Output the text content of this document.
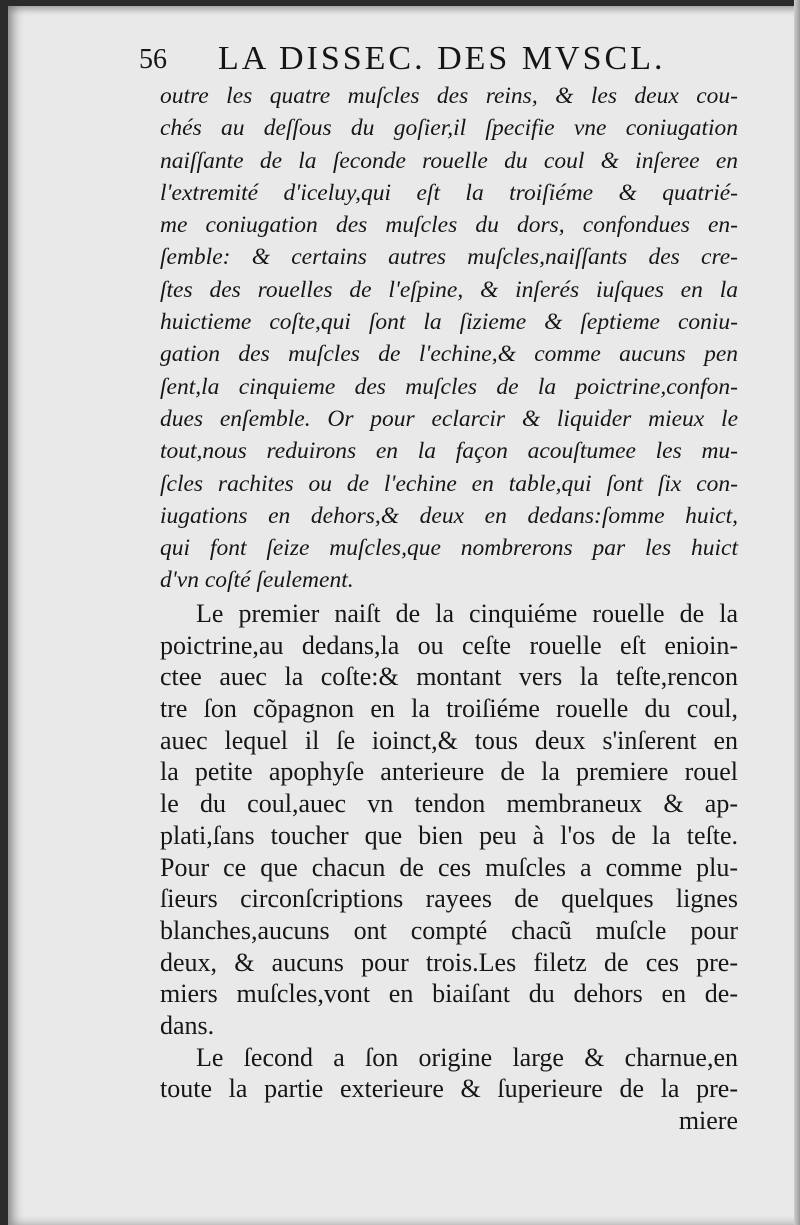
56 LA DISSEC. DES MVSCL.
outre les quatre muſcles des reins, & les deux cou-
chés au deſſous du goſier,il ſpecifie vne coniugation
naiſſante de la ſeconde rouelle du coul & inſeree en
l'extremité d'iceluy,qui eſt la troiſiéme & quatrié-
me coniugation des muſcles du dors, confondues en-
ſemble: & certains autres muſcles,naiſſants des cre-
ſtes des rouelles de l'eſpine, & inſerés iuſques en la
huictieme coſte,qui ſont la ſizieme & ſeptieme coniu-
gation des muſcles de l'echine,& comme aucuns pen
ſent,la cinquieme des muſcles de la poictrine,confon-
dues enſemble. Or pour eclarcir & liquider mieux le
tout,nous reduirons en la façon acouſtumee les mu-
ſcles rachites ou de l'echine en table,qui ſont ſix con-
iugations en dehors,& deux en dedans:ſomme huict,
qui font ſeize muſcles,que nombrerons par les huict
d'vn coſté ſeulement.
Le premier naiſt de la cinquiéme rouelle de la
poictrine,au dedans,la ou ceſte rouelle eſt enioin-
ctee auec la coſte:& montant vers la teſte,rencon
tre ſon cõpagnon en la troiſiéme rouelle du coul,
auec lequel il ſe ioinct,& tous deux s'inſerent en
la petite apophyſe anterieure de la premiere rouel
le du coul,auec vn tendon membraneux & ap-
plati,ſans toucher que bien peu à l'os de la teſte.
Pour ce que chacun de ces muſcles a comme plu-
ſieurs circonſcriptions rayees de quelques lignes
blanches,aucuns ont compté chacũ muſcle pour
deux, & aucuns pour trois.Les filetz de ces pre-
miers muſcles,vont en biaiſant du dehors en de-
dans.
Le ſecond a ſon origine large & charnue,en
toute la partie exterieure & ſuperieure de la pre-
miere
